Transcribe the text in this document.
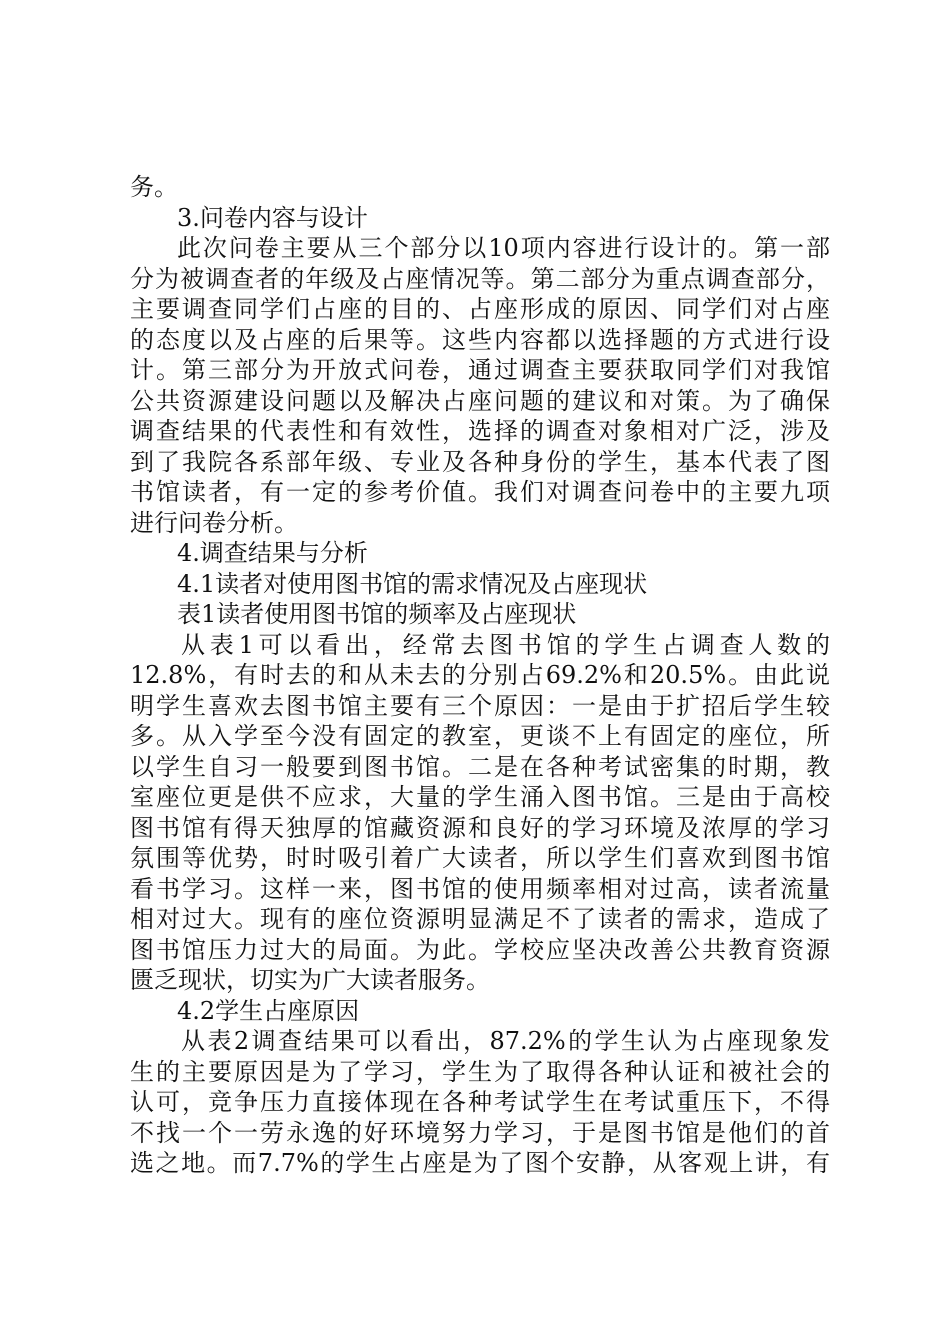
务。
3.问卷内容与设计
此次问卷主要从三个部分以10项内容进行设计的。第一部
分为被调查者的年级及占座情况等。第二部分为重点调查部分，
主要调查同学们占座的目的、占座形成的原因、同学们对占座
的态度以及占座的后果等。这些内容都以选择题的方式进行设
计。第三部分为开放式问卷，通过调查主要获取同学们对我馆
公共资源建设问题以及解决占座问题的建议和对策。为了确保
调查结果的代表性和有效性，选择的调查对象相对广泛，涉及
到了我院各系部年级、专业及各种身份的学生，基本代表了图
书馆读者，有一定的参考价值。我们对调查问卷中的主要九项
进行问卷分析。
4.调查结果与分析
4.1读者对使用图书馆的需求情况及占座现状
表1读者使用图书馆的频率及占座现状
从表1可以看出，经常去图书馆的学生占调查人数的
12.8%，有时去的和从未去的分别占69.2%和20.5%。由此说
明学生喜欢去图书馆主要有三个原因：一是由于扩招后学生较
多。从入学至今没有固定的教室，更谈不上有固定的座位，所
以学生自习一般要到图书馆。二是在各种考试密集的时期，教
室座位更是供不应求，大量的学生涌入图书馆。三是由于高校
图书馆有得天独厚的馆藏资源和良好的学习环境及浓厚的学习
氛围等优势，时时吸引着广大读者，所以学生们喜欢到图书馆
看书学习。这样一来，图书馆的使用频率相对过高，读者流量
相对过大。现有的座位资源明显满足不了读者的需求，造成了
图书馆压力过大的局面。为此。学校应坚决改善公共教育资源
匮乏现状，切实为广大读者服务。
4.2学生占座原因
从表2调查结果可以看出，87.2%的学生认为占座现象发
生的主要原因是为了学习，学生为了取得各种认证和被社会的
认可，竞争压力直接体现在各种考试学生在考试重压下，不得
不找一个一劳永逸的好环境努力学习，于是图书馆是他们的首
选之地。而7.7%的学生占座是为了图个安静，从客观上讲，有
